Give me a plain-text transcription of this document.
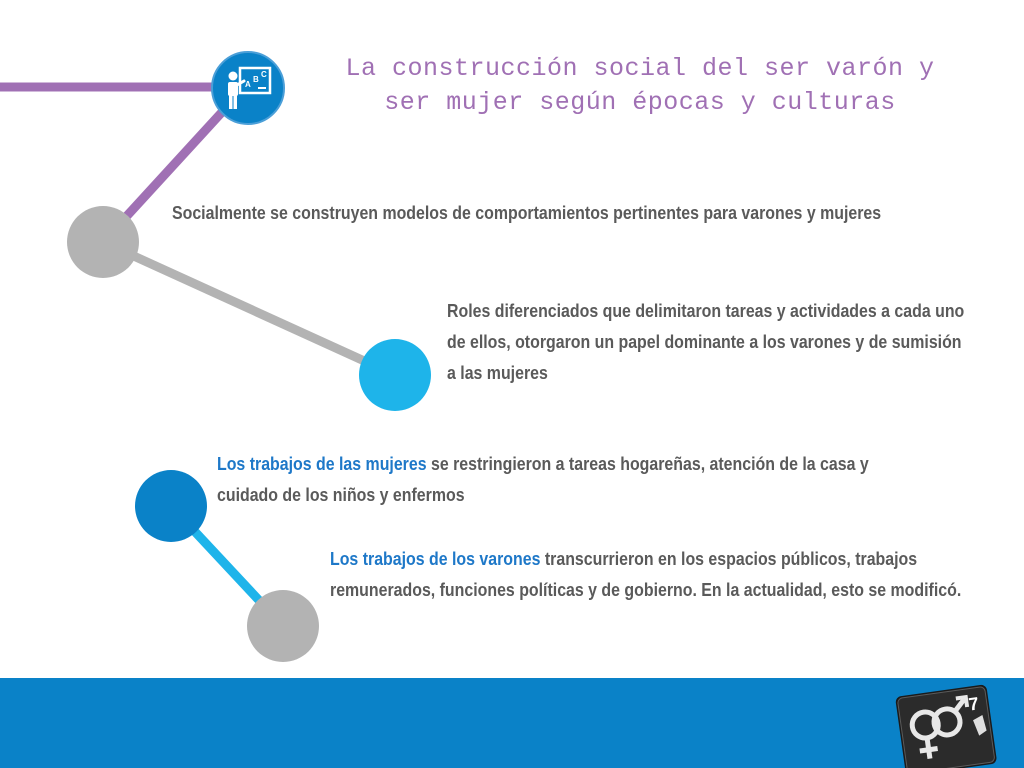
A
B
C	La construcción social del ser varón y
ser mujer según épocas y culturas
Socialmente se construyen modelos de comportamientos pertinentes para varones y mujeres
Roles diferenciados que delimitaron tareas y actividades a cada uno de ellos, otorgaron un papel dominante a los varones y de sumisión a las mujeres
Los trabajos de las mujeres se restringieron a tareas hogareñas, atención de la casa y cuidado de los niños y enfermos
Los trabajos de los varones transcurrieron en los espacios públicos, trabajos remunerados, funciones políticas y de gobierno. En la actualidad, esto se modificó.
7
